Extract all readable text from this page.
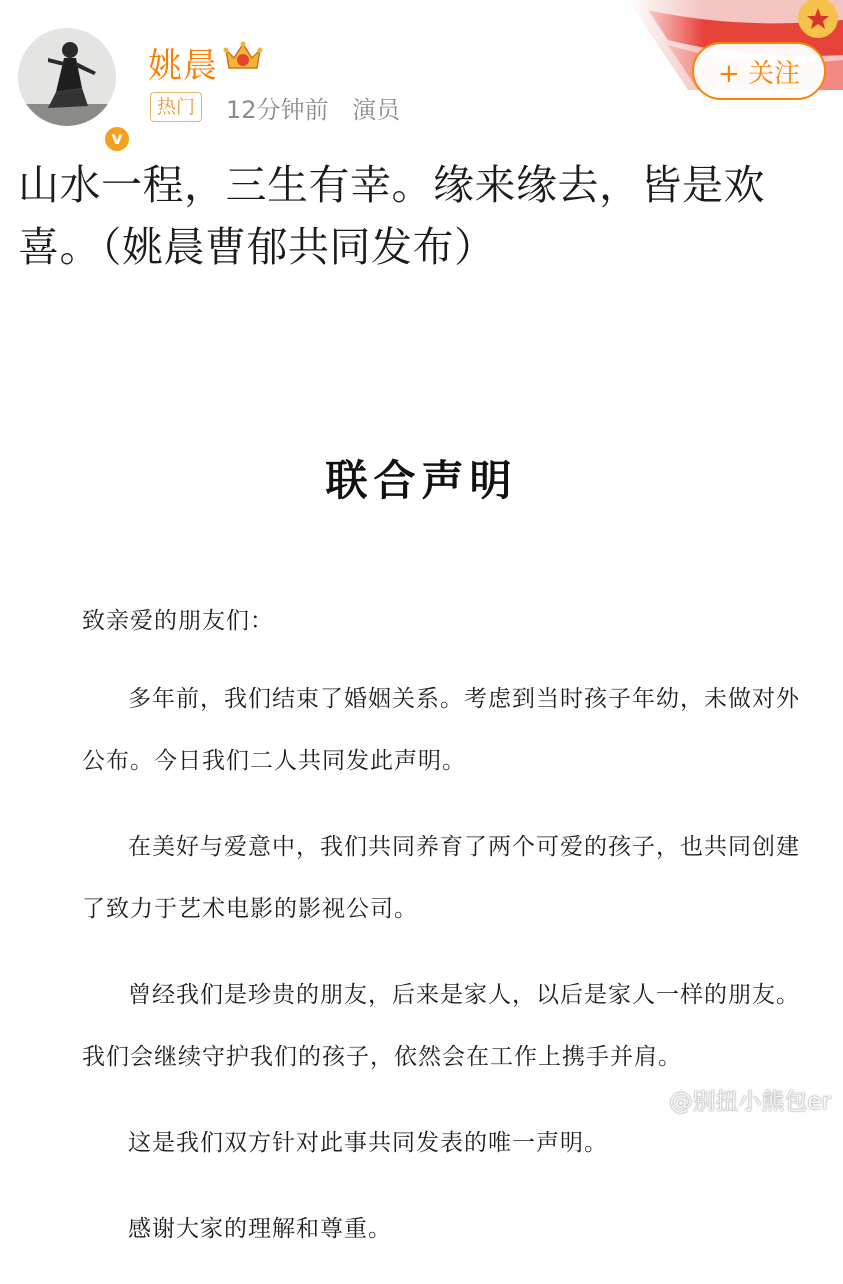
v
姚晨
热门 12分钟前 演员
+ 关注
山水一程，三生有幸。缘来缘去，皆是欢喜。（姚晨曹郁共同发布）
联合声明
致亲爱的朋友们：

多年前，我们结束了婚姻关系。考虑到当时孩子年幼，未做对外公布。今日我们二人共同发此声明。

在美好与爱意中，我们共同养育了两个可爱的孩子，也共同创建了致力于艺术电影的影视公司。

曾经我们是珍贵的朋友，后来是家人，以后是家人一样的朋友。我们会继续守护我们的孩子，依然会在工作上携手并肩。

这是我们双方针对此事共同发表的唯一声明。

感谢大家的理解和尊重。

@别扭小熊包er
